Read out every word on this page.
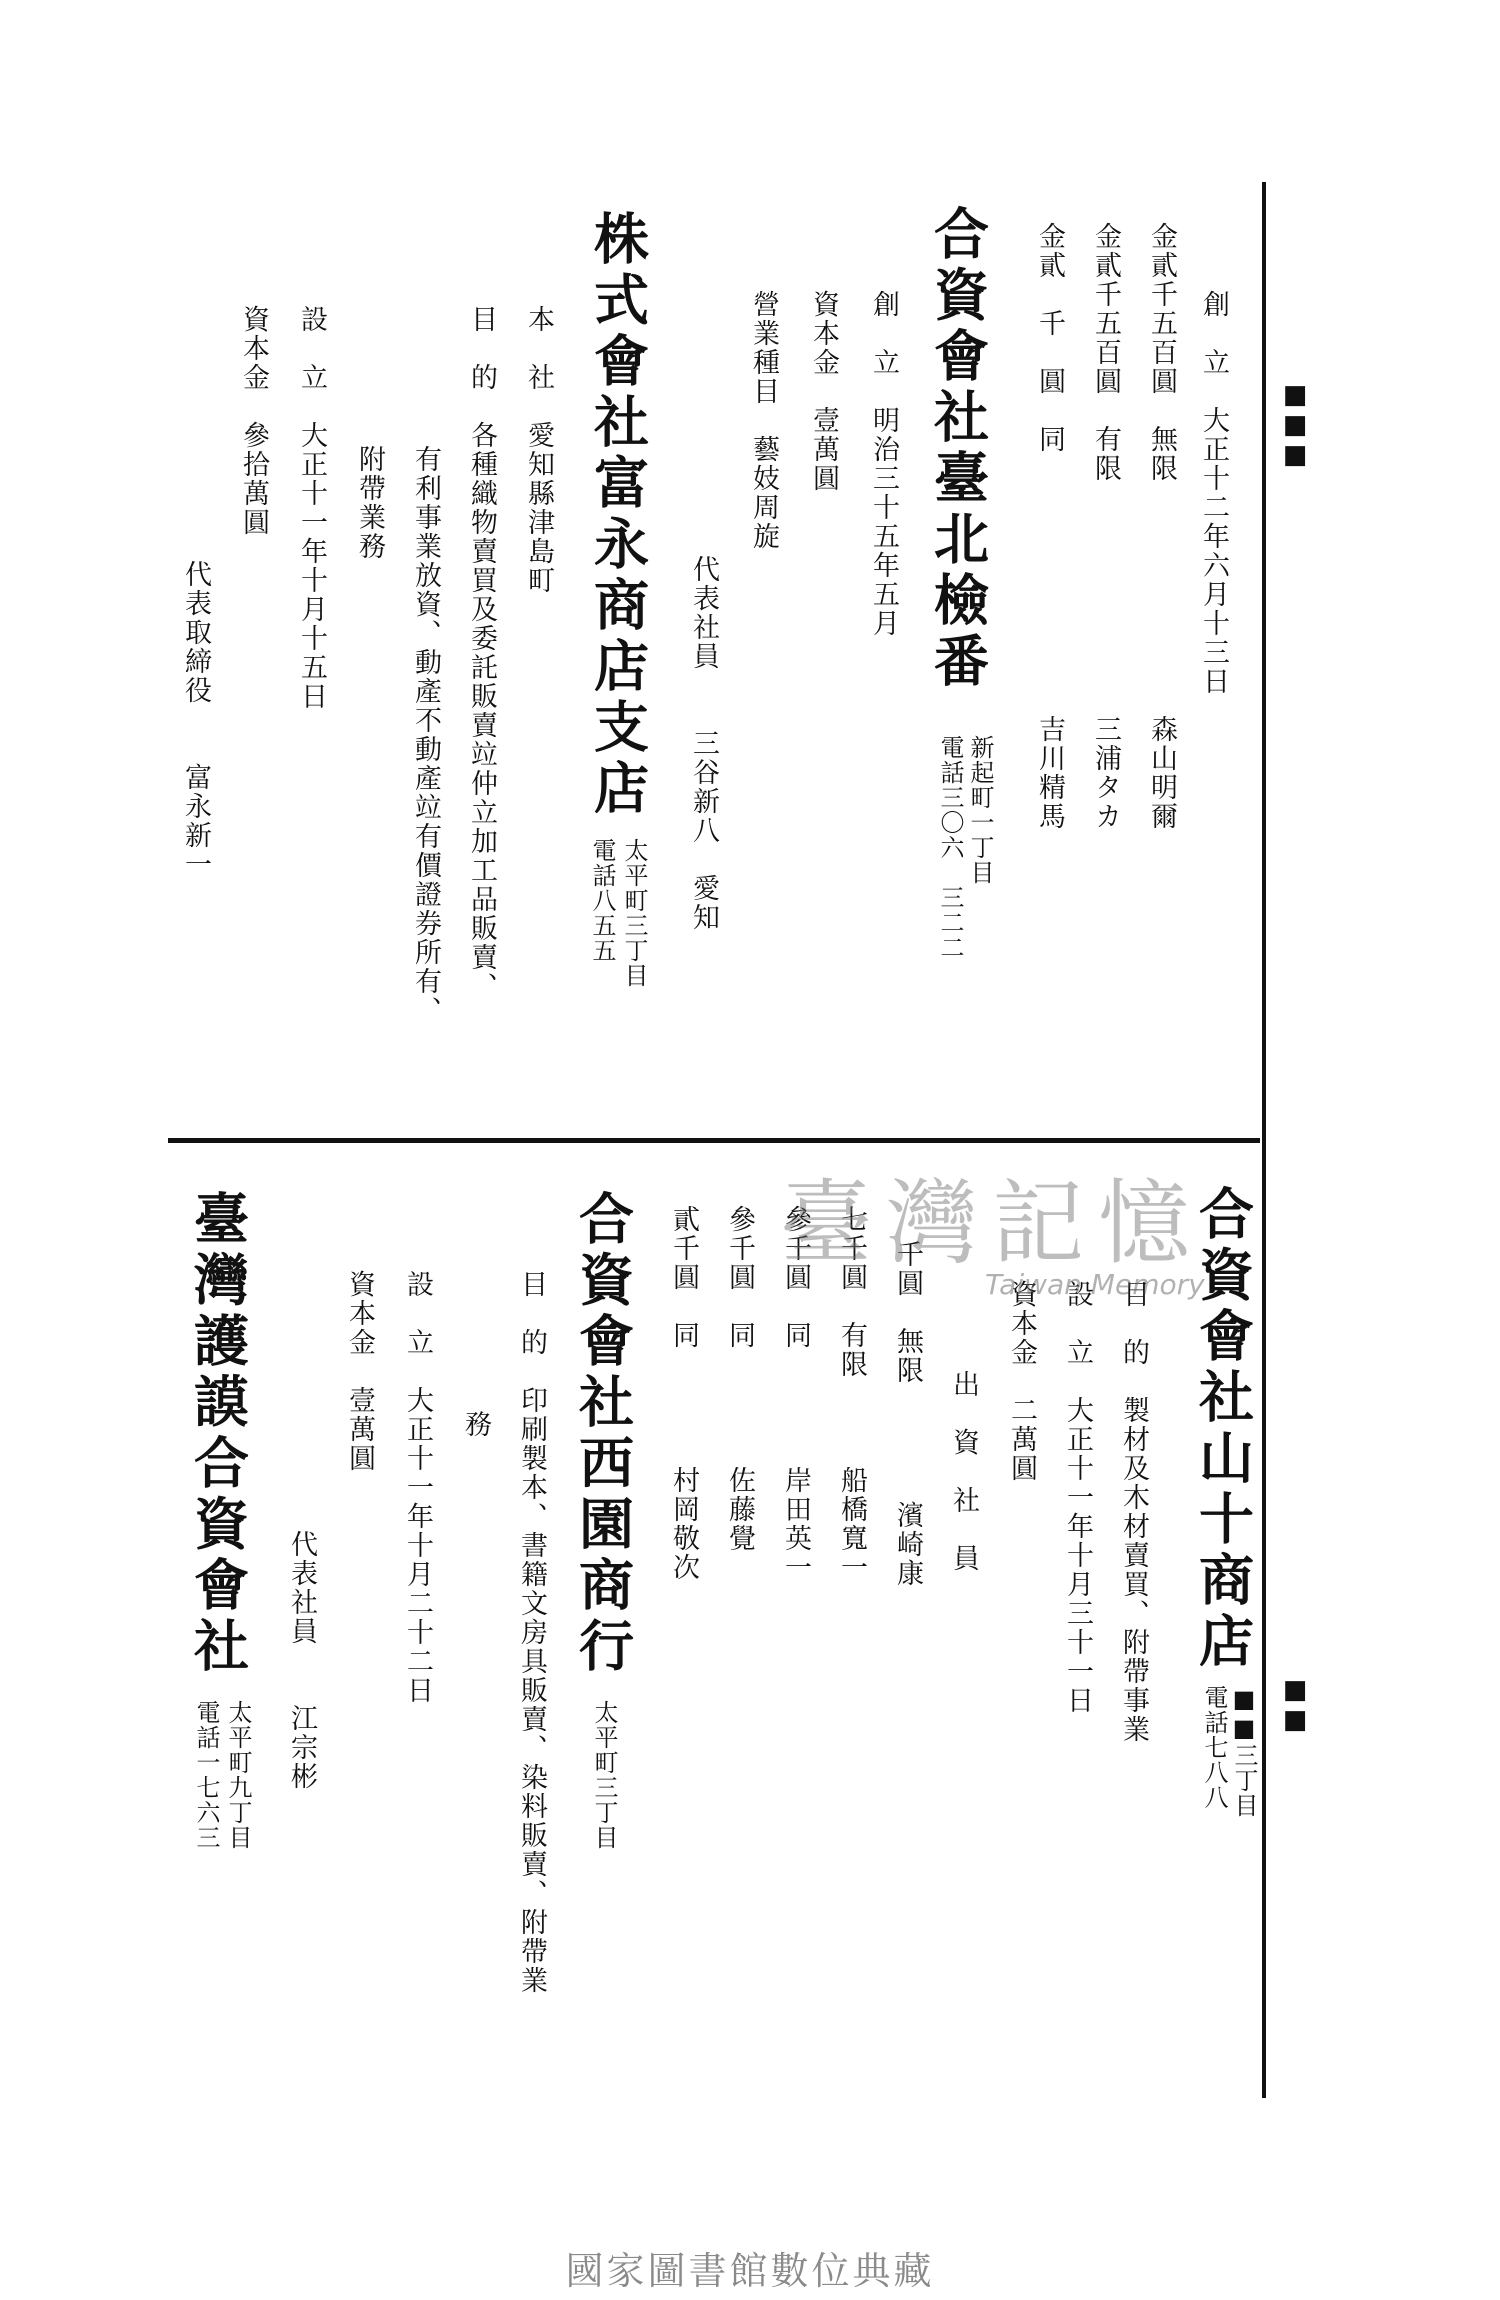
■■■
■■
創　立　大正十二年六月十三日
金貳千五百圓　無限　　　　　　　　森山明爾
金貳千五百圓　有限　　　　　　　　三浦タカ
金貳　千　圓　同　　　　　　　　　吉川精馬
合資會社臺北檢番
新起町一丁目
電話三〇六　三二二
創　立　明治三十五年五月
資本金　壹萬圓
營業種目　藝妓周旋
代表社員　　三谷新八　愛知
株式會社富永商店支店
太平町三丁目
電話八五五
本　社　愛知縣津島町
目　的　各種織物賣買及委託販賣竝仲立加工品販賣、
有利事業放資、動產不動產竝有價證券所有、
附帶業務
設　立　大正十一年十月十五日
資本金　參拾萬圓
代表取締役　　富永新一
合資會社山十商店
■■三丁目
電話七八八
目　的　製材及木材賣買、附帶事業
設　立　大正十一年十月三十一日
資本金　二萬圓
出　資　社　員
千圓　無限　　　　濱崎康
七千圓　有限　　　船橋寬一
參千圓　同　　　　岸田英一
參千圓　同　　　　佐藤覺
貳千圓　同　　　　村岡敬次
合資會社西園商行
太平町三丁目
目　的　印刷製本、書籍文房具販賣、染料販賣、附帶業
務
設　立　大正十一年十月二十二日
資本金　壹萬圓
代表社員　　江宗彬
臺灣護謨合資會社
太平町九丁目
電話一七六三
臺灣記憶
Taiwan Memory
國家圖書館數位典藏
